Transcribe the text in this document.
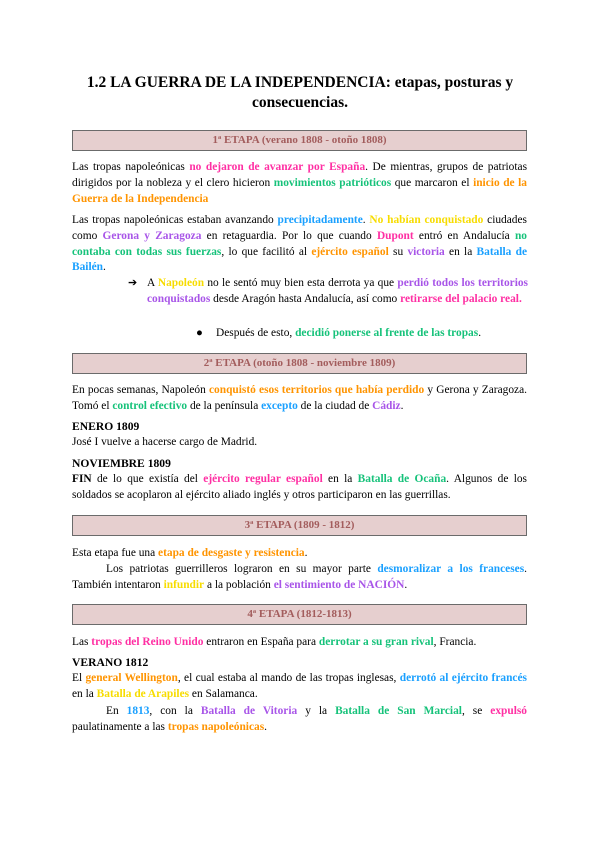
1.2 LA GUERRA DE LA INDEPENDENCIA: etapas, posturas y consecuencias.
1ª ETAPA (verano 1808 - otoño 1808)

Las tropas napoleónicas no dejaron de avanzar por España. De mientras, grupos de patriotas dirigidos por la nobleza y el clero hicieron movimientos patrióticos que marcaron el inicio de la Guerra de la Independencia

Las tropas napoleónicas estaban avanzando precipitadamente. No habían conquistado ciudades como Gerona y Zaragoza en retaguardia. Por lo que cuando Dupont entró en Andalucía no contaba con todas sus fuerzas, lo que facilitó al ejército español su victoria en la Batalla de Bailén.

➔ A Napoleón no le sentó muy bien esta derrota ya que perdió todos los territorios conquistados desde Aragón hasta Andalucía, así como retirarse del palacio real.

● Después de esto, decidió ponerse al frente de las tropas.

2ª ETAPA (otoño 1808 - noviembre 1809)

En pocas semanas, Napoleón conquistó esos territorios que había perdido y Gerona y Zaragoza. Tomó el control efectivo de la península excepto de la ciudad de Cádiz.

ENERO 1809

José I vuelve a hacerse cargo de Madrid.

NOVIEMBRE 1809

FIN de lo que existía del ejército regular español en la Batalla de Ocaña. Algunos de los soldados se acoplaron al ejército aliado inglés y otros participaron en las guerrillas.

3ª ETAPA (1809 - 1812)

Esta etapa fue una etapa de desgaste y resistencia.

Los patriotas guerrilleros lograron en su mayor parte desmoralizar a los franceses. También intentaron infundir a la población el sentimiento de NACIÓN.

4ª ETAPA (1812-1813)

Las tropas del Reino Unido entraron en España para derrotar a su gran rival, Francia.

VERANO 1812

El general Wellington, el cual estaba al mando de las tropas inglesas, derrotó al ejército francés en la Batalla de Arapiles en Salamanca.

En 1813, con la Batalla de Vitoria y la Batalla de San Marcial, se expulsó paulatinamente a las tropas napoleónicas.
